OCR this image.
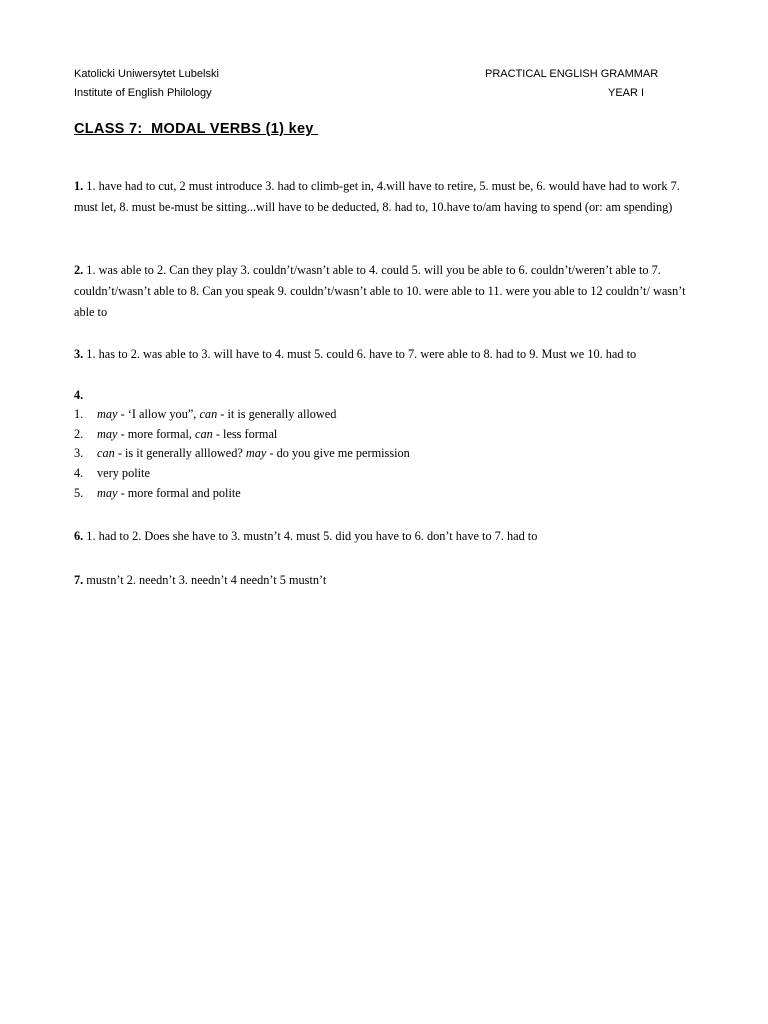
Katolicki Uniwersytet Lubelski
Institute of English Philology
PRACTICAL ENGLISH GRAMMAR
YEAR I
CLASS 7:  MODAL VERBS (1) key
1. 1. have had to cut, 2 must introduce 3. had to climb-get in, 4.will have to retire, 5. must be, 6. would have had to work 7. must let, 8. must be-must be sitting...will have to be deducted, 8. had to, 10.have to/am having to spend (or: am spending)
2. 1. was able to 2. Can they play 3. couldn’t/wasn’t able to 4. could 5. will you be able to 6. couldn’t/weren’t able to 7. couldn’t/wasn’t able to 8. Can you speak 9. couldn’t/wasn’t able to 10. were able to 11. were you able to 12 couldn’t/ wasn’t able to
3. 1. has to 2. was able to 3. will have to 4. must 5. could 6. have to 7. were able to 8. had to 9. Must we 10. had to
4.
1.	may - ‘I allow you”, can - it is generally allowed
2.	may - more formal, can - less formal
3.	can - is it generally alllowed? may - do you give me permission
4.	very polite
5.	may - more formal and polite
6. 1. had to 2. Does she have to 3. mustn’t 4. must 5. did you have to 6. don’t have to 7. had to
7. mustn’t 2. needn’t 3. needn’t 4 needn’t 5 mustn’t
